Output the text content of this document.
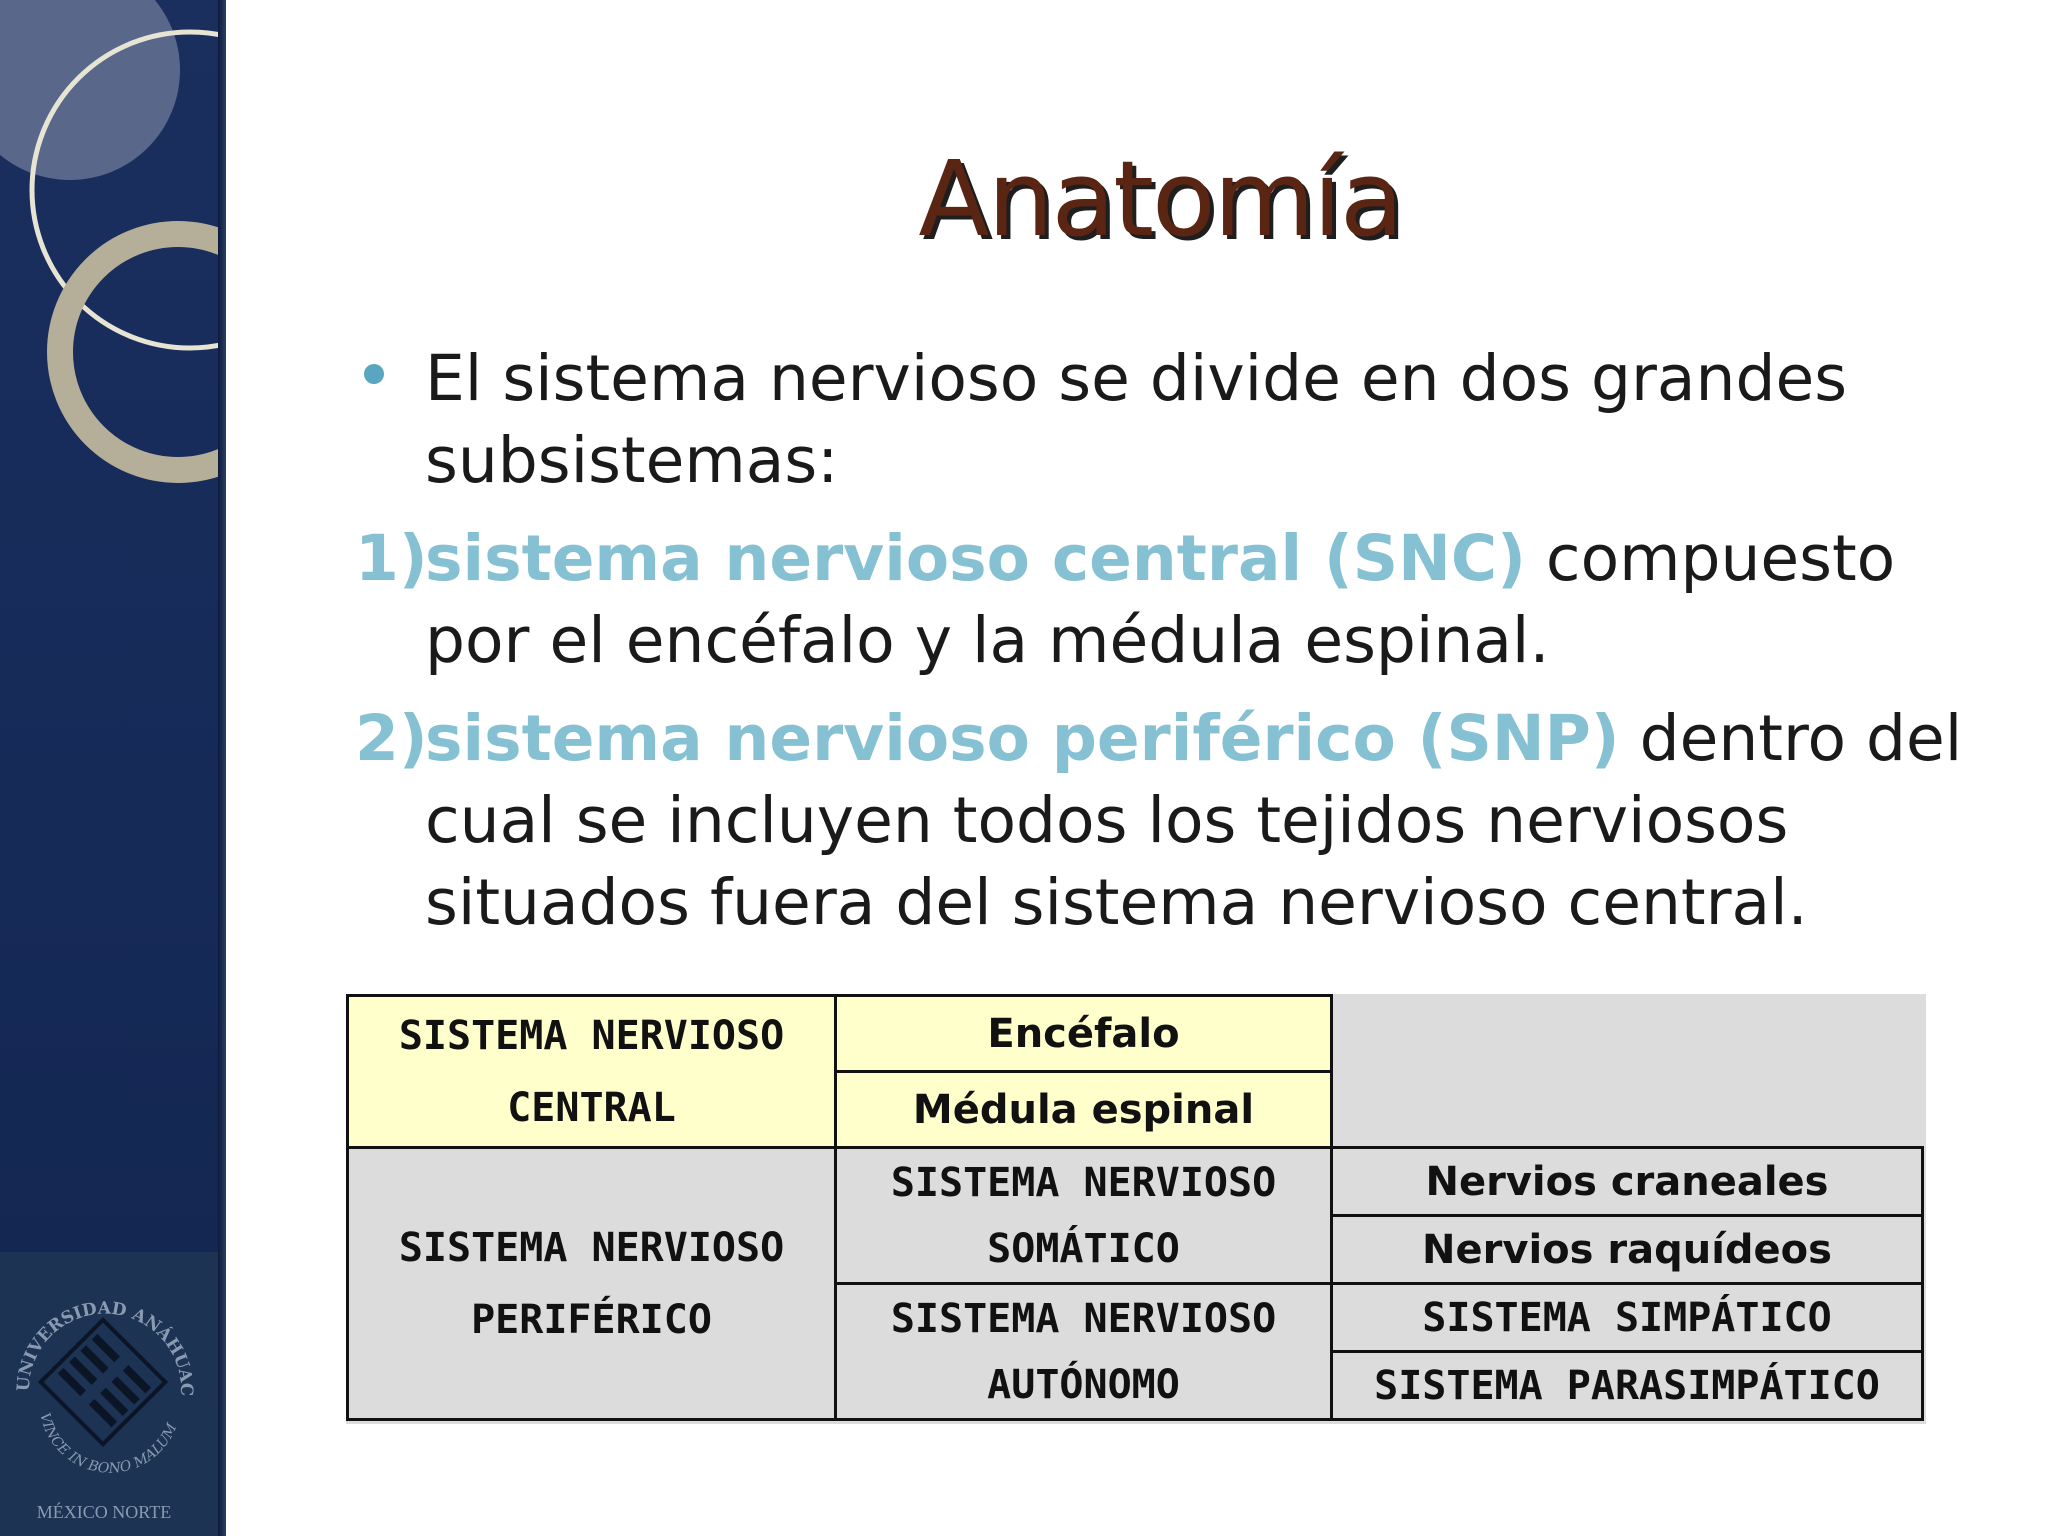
UNIVERSIDAD ANÁHUAC
VINCE IN BONO MALUM
MÉXICO NORTE
Anatomía

El sistema nervioso se divide en dos grandes subsistemas:

1)
sistema nervioso central (SNC) compuesto por el encéfalo y la médula espinal.

2)
sistema nervioso periférico (SNP) dentro del cual se incluyen todos los tejidos nerviosos situados fuera del sistema nervioso central.

SISTEMA NERVIOSO CENTRAL	Encéfalo	
	Médula espinal	
SISTEMA NERVIOSO PERIFÉRICO	SISTEMA NERVIOSO SOMÁTICO	Nervios craneales
		Nervios raquídeos
	SISTEMA NERVIOSO AUTÓNOMO	SISTEMA SIMPÁTICO
		SISTEMA PARASIMPÁTICO
